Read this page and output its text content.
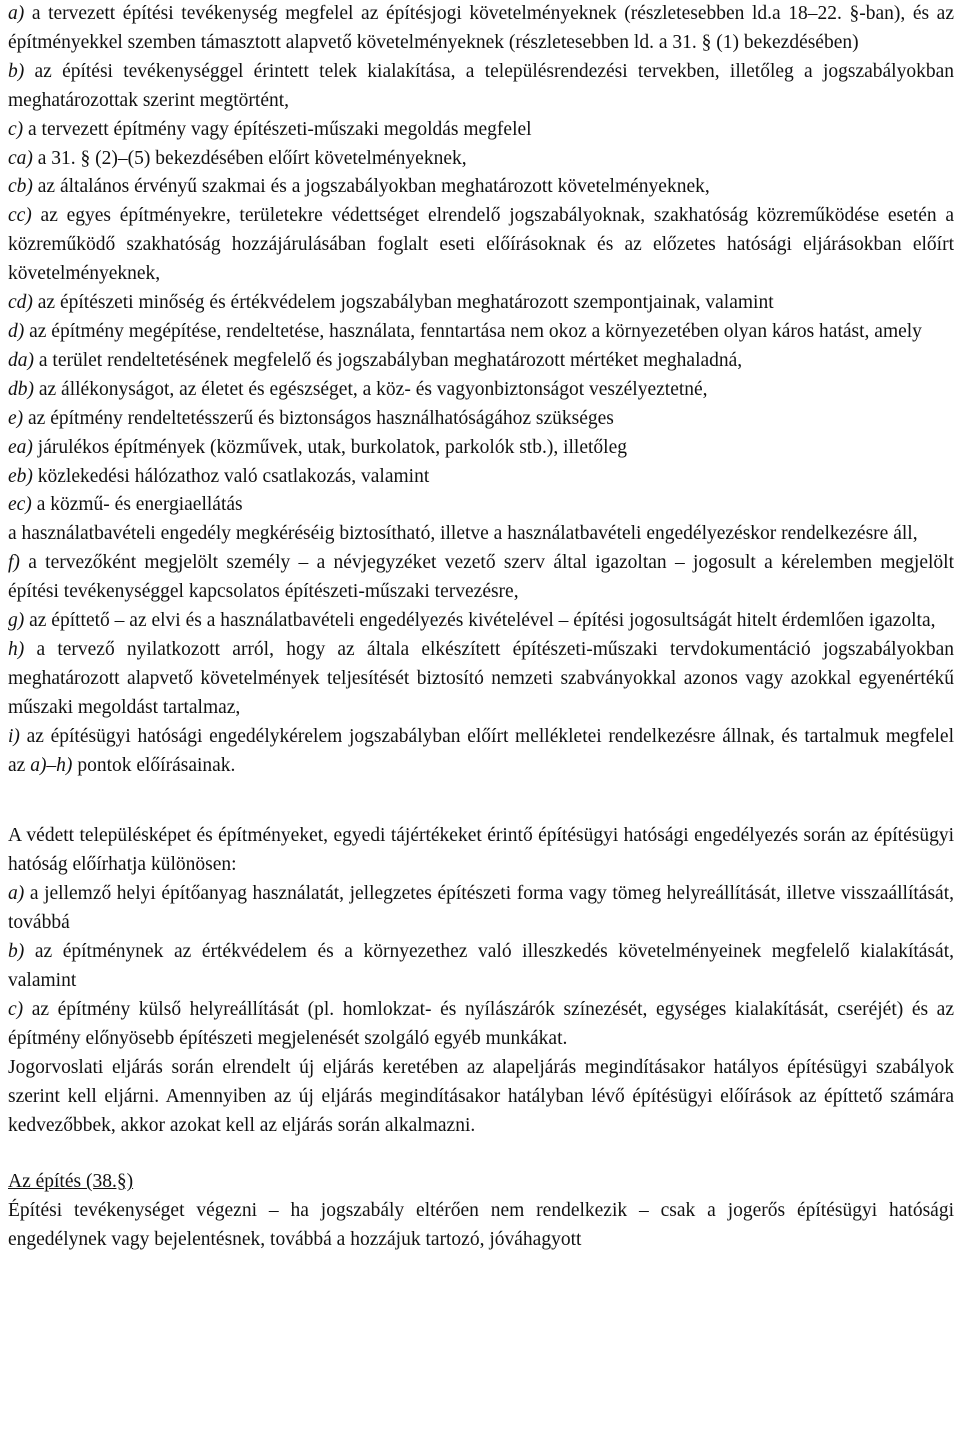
a) a tervezett építési tevékenység megfelel az építésjogi követelményeknek (részletesebben ld.a 18–22. §-ban), és az építményekkel szemben támasztott alapvető követelményeknek (részletesebben ld. a 31. § (1) bekezdésében)

b) az építési tevékenységgel érintett telek kialakítása, a településrendezési tervekben, illetőleg a jogszabályokban meghatározottak szerint megtörtént,

c) a tervezett építmény vagy építészeti-műszaki megoldás megfelel

ca) a 31. § (2)–(5) bekezdésében előírt követelményeknek,

cb) az általános érvényű szakmai és a jogszabályokban meghatározott követelményeknek,

cc) az egyes építményekre, területekre védettséget elrendelő jogszabályoknak, szakhatóság közreműködése esetén a közreműködő szakhatóság hozzájárulásában foglalt eseti előírásoknak és az előzetes hatósági eljárásokban előírt követelményeknek,

cd) az építészeti minőség és értékvédelem jogszabályban meghatározott szempontjainak, valamint

d) az építmény megépítése, rendeltetése, használata, fenntartása nem okoz a környezetében olyan káros hatást, amely

da) a terület rendeltetésének megfelelő és jogszabályban meghatározott mértéket meghaladná,

db) az állékonyságot, az életet és egészséget, a köz- és vagyonbiztonságot veszélyeztetné,

e) az építmény rendeltetésszerű és biztonságos használhatóságához szükséges

ea) járulékos építmények (közművek, utak, burkolatok, parkolók stb.), illetőleg

eb) közlekedési hálózathoz való csatlakozás, valamint

ec) a közmű- és energiaellátás

a használatbavételi engedély megkéréséig biztosítható, illetve a használatbavételi engedélyezéskor rendelkezésre áll,

f) a tervezőként megjelölt személy – a névjegyzéket vezető szerv által igazoltan – jogosult a kérelemben megjelölt építési tevékenységgel kapcsolatos építészeti-műszaki tervezésre,

g) az építtető – az elvi és a használatbavételi engedélyezés kivételével – építési jogosultságát hitelt érdemlően igazolta,

h) a tervező nyilatkozott arról, hogy az általa elkészített építészeti-műszaki tervdokumentáció jogszabályokban meghatározott alapvető követelmények teljesítését biztosító nemzeti szabványokkal azonos vagy azokkal egyenértékű műszaki megoldást tartalmaz,

i) az építésügyi hatósági engedélykérelem jogszabályban előírt mellékletei rendelkezésre állnak, és tartalmuk megfelel az a)–h) pontok előírásainak.

A védett településképet és építményeket, egyedi tájértékeket érintő építésügyi hatósági engedélyezés során az építésügyi hatóság előírhatja különösen:

a) a jellemző helyi építőanyag használatát, jellegzetes építészeti forma vagy tömeg helyreállítását, illetve visszaállítását, továbbá

b) az építménynek az értékvédelem és a környezethez való illeszkedés követelményeinek megfelelő kialakítását, valamint

c) az építmény külső helyreállítását (pl. homlokzat- és nyílászárók színezését, egységes kialakítását, cseréjét) és az építmény előnyösebb építészeti megjelenését szolgáló egyéb munkákat.

Jogorvoslati eljárás során elrendelt új eljárás keretében az alapeljárás megindításakor hatályos építésügyi szabályok szerint kell eljárni. Amennyiben az új eljárás megindításakor hatályban lévő építésügyi előírások az építtető számára kedvezőbbek, akkor azokat kell az eljárás során alkalmazni.

Az építés (38.§)

Építési tevékenységet végezni – ha jogszabály eltérően nem rendelkezik – csak a jogerős építésügyi hatósági engedélynek vagy bejelentésnek, továbbá a hozzájuk tartozó, jóváhagyott
